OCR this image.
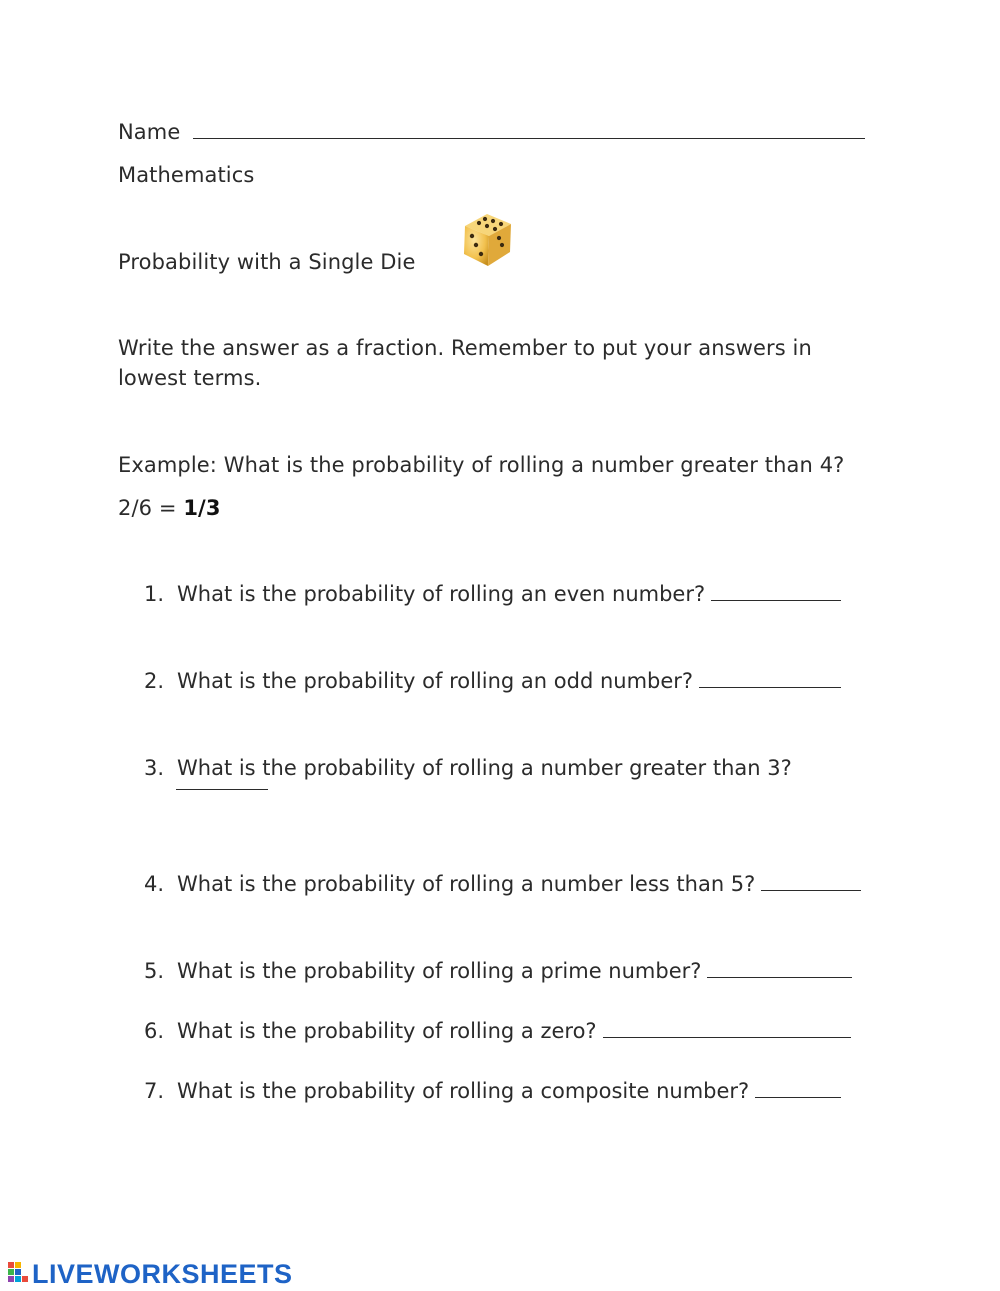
Name
Mathematics
Probability with a Single Die
Write the answer as a fraction. Remember to put your answers in
lowest terms.
Example: What is the probability of rolling a number greater than 4?
2/6 = 1/3
1. What is the probability of rolling an even number?
2. What is the probability of rolling an odd number?
3. What is the probability of rolling a number greater than 3?
4. What is the probability of rolling a number less than 5?
5. What is the probability of rolling a prime number?
6. What is the probability of rolling a zero?
7. What is the probability of rolling a composite number?
LIVEWORKSHEETS
